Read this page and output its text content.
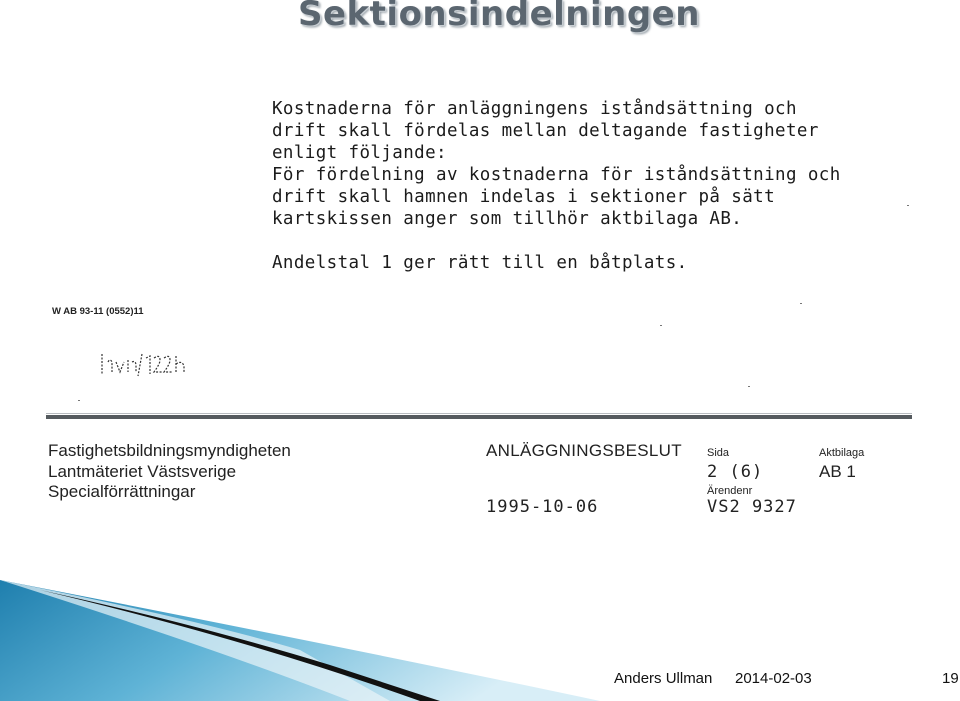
Sektionsindelningen
Kostnaderna för anläggningens iståndsättning och
drift skall fördelas mellan deltagande fastigheter
enligt följande:
För fördelning av kostnaderna för iståndsättning och
drift skall hamnen indelas i sektioner på sätt
kartskissen anger som tillhör aktbilaga AB.
Andelstal 1 ger rätt till en båtplats.
W AB 93-11 (0552)11
Fastighetsbildningsmyndigheten
Lantmäteriet Västsverige
Specialförrättningar
ANLÄGGNINGSBESLUT
1995-10-06
Sida
2 (6)
Ärendenr
VS2 9327
Aktbilaga
AB 1
Anders Ullman 2014-02-03	19
